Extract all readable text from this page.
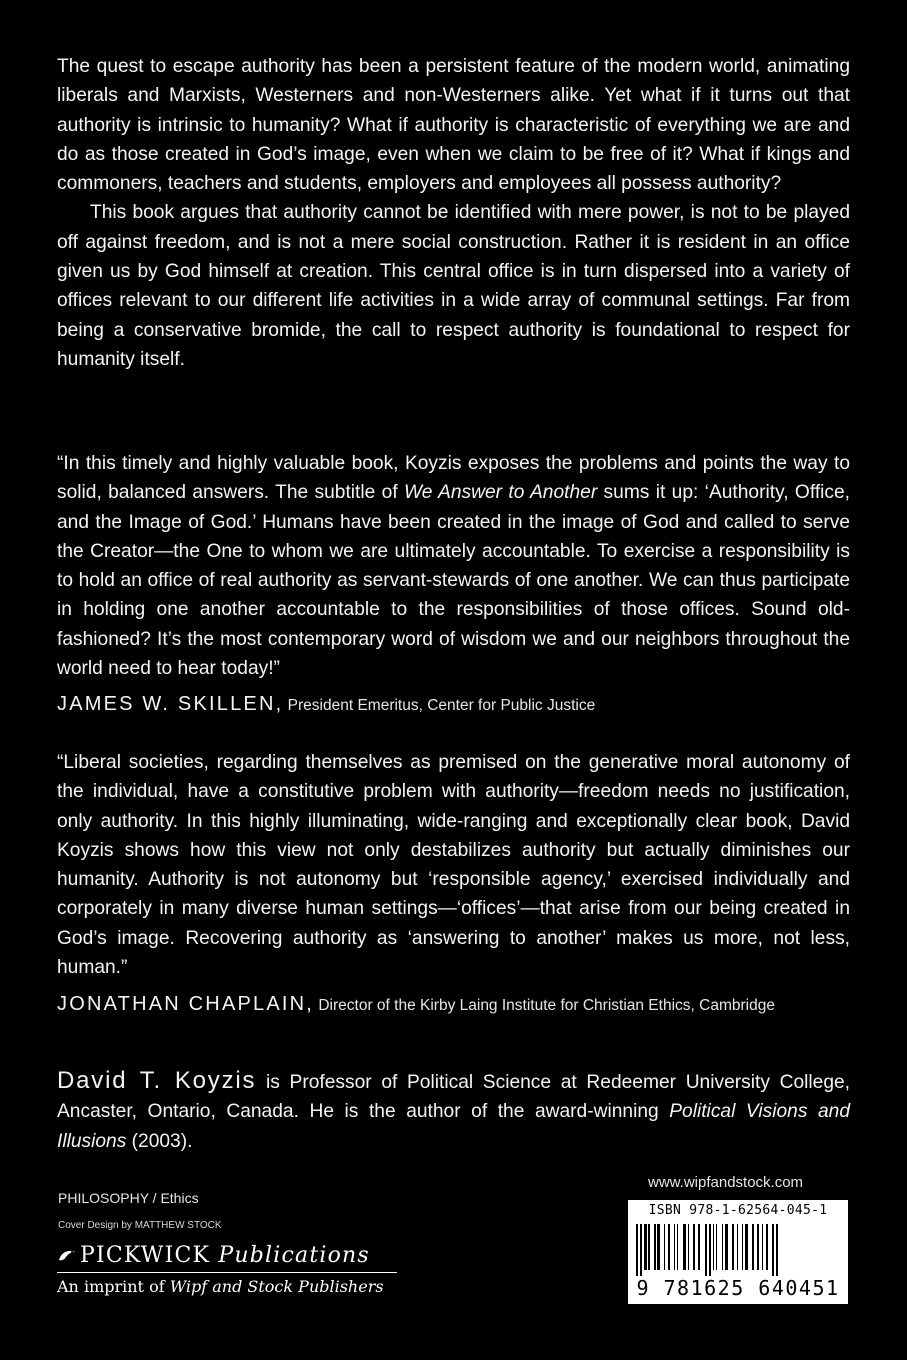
The quest to escape authority has been a persistent feature of the modern world, animating liberals and Marxists, Westerners and non-Westerners alike. Yet what if it turns out that authority is intrinsic to humanity? What if authority is characteristic of everything we are and do as those created in God’s image, even when we claim to be free of it? What if kings and commoners, teachers and students, employers and employees all possess authority?

This book argues that authority cannot be identified with mere power, is not to be played off against freedom, and is not a mere social construction. Rather it is resident in an office given us by God himself at creation. This central office is in turn dispersed into a variety of offices relevant to our different life activities in a wide array of communal settings. Far from being a conservative bromide, the call to respect authority is foundational to respect for humanity itself.

“In this timely and highly valuable book, Koyzis exposes the problems and points the way to solid, balanced answers. The subtitle of We Answer to Another sums it up: ‘Authority, Office, and the Image of God.’ Humans have been created in the image of God and called to serve the Creator—the One to whom we are ultimately accountable. To exercise a responsibility is to hold an office of real authority as servant-stewards of one another. We can thus participate in holding one another accountable to the responsibilities of those offices. Sound old-fashioned? It’s the most contemporary word of wisdom we and our neighbors throughout the world need to hear today!”

JAMES W. SKILLEN, President Emeritus, Center for Public Justice

“Liberal societies, regarding themselves as premised on the generative moral autonomy of the individual, have a constitutive problem with authority—freedom needs no justification, only authority. In this highly illuminating, wide-ranging and exceptionally clear book, David Koyzis shows how this view not only destabilizes authority but actually diminishes our humanity. Authority is not autonomy but ‘responsible agency,’ exercised individually and corporately in many diverse human settings—‘offices’—that arise from our being created in God’s image. Recovering authority as ‘answering to another’ makes us more, not less, human.”

JONATHAN CHAPLAIN, Director of the Kirby Laing Institute for Christian Ethics, Cambridge

David T. Koyzis is Professor of Political Science at Redeemer University College, Ancaster, Ontario, Canada. He is the author of the award-winning Political Visions and Illusions (2003).

PHILOSOPHY / Ethics
Cover Design by MATTHEW STOCK
PICKWICK
Publications
An imprint of Wipf and Stock Publishers
www.wipfandstock.com
ISBN 978-1-62564-045-1
9 781625 640451
